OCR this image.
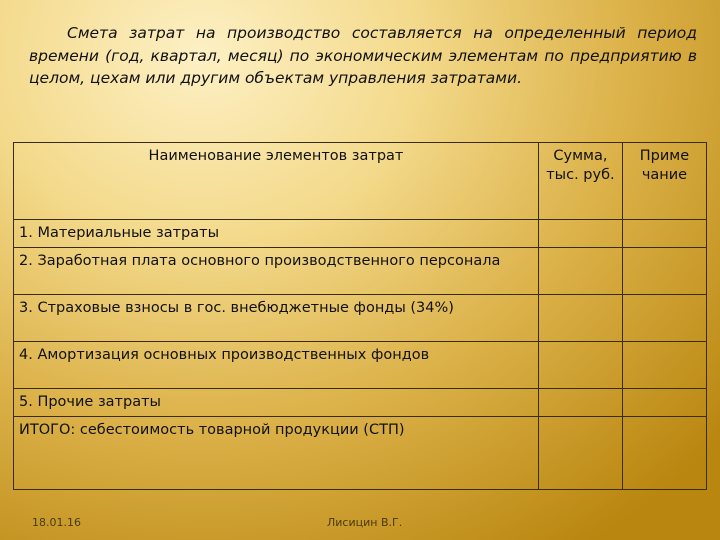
Смета затрат на производство составляется на определенный период времени (год, квартал, месяц) по экономическим элементам по предприятию в целом, цехам или другим объектам управления затратами.

Наименование элементов затрат	Сумма, тыс. руб.	Приме чание
1. Материальные затраты		
2. Заработная плата основного производственного персонала		
3. Страховые взносы в гос. внебюджетные фонды (34%)		
4. Амортизация основных производственных фондов		
5. Прочие затраты		
ИТОГО: себестоимость товарной продукции (СТП)		
18.01.16	Лисицин В.Г.
